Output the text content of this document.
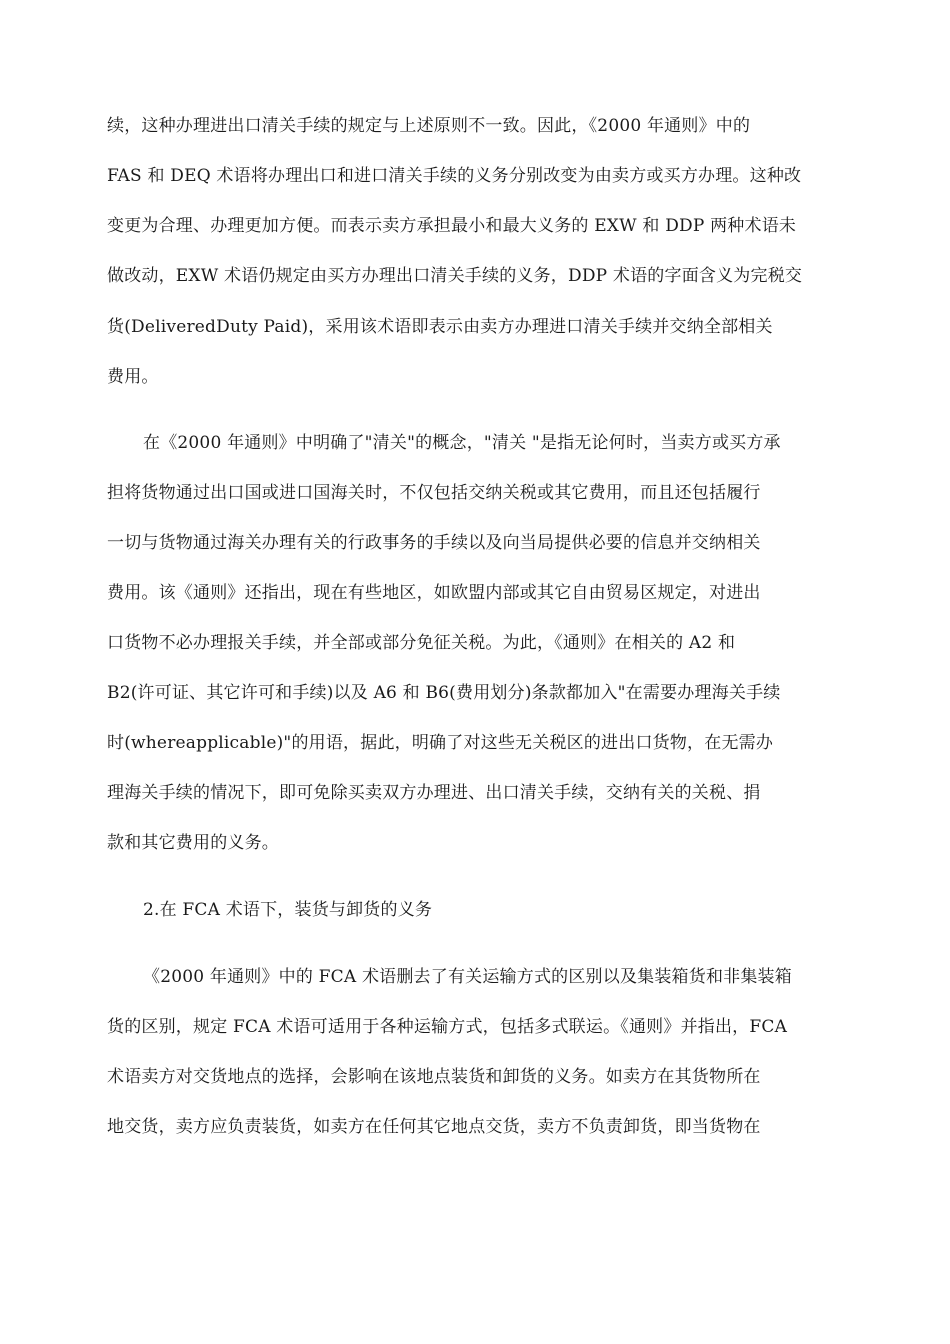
续，这种办理进出口清关手续的规定与上述原则不一致。因此，《2000 年通则》中的
FAS 和 DEQ 术语将办理出口和进口清关手续的义务分别改变为由卖方或买方办理。这种改
变更为合理、办理更加方便。而表示卖方承担最小和最大义务的 EXW 和 DDP 两种术语未
做改动，EXW 术语仍规定由买方办理出口清关手续的义务，DDP 术语的字面含义为完税交
货(DeliveredDuty Paid)，采用该术语即表示由卖方办理进口清关手续并交纳全部相关
费用。
在《2000 年通则》中明确了"清关"的概念，"清关 "是指无论何时，当卖方或买方承
担将货物通过出口国或进口国海关时，不仅包括交纳关税或其它费用，而且还包括履行
一切与货物通过海关办理有关的行政事务的手续以及向当局提供必要的信息并交纳相关
费用。该《通则》还指出，现在有些地区，如欧盟内部或其它自由贸易区规定，对进出
口货物不必办理报关手续，并全部或部分免征关税。为此，《通则》在相关的 A2 和
B2(许可证、其它许可和手续)以及 A6 和 B6(费用划分)条款都加入"在需要办理海关手续
时(whereapplicable)"的用语，据此，明确了对这些无关税区的进出口货物，在无需办
理海关手续的情况下，即可免除买卖双方办理进、出口清关手续，交纳有关的关税、捐
款和其它费用的义务。
2.在 FCA 术语下，装货与卸货的义务
《2000 年通则》中的 FCA 术语删去了有关运输方式的区别以及集装箱货和非集装箱
货的区别，规定 FCA 术语可适用于各种运输方式，包括多式联运。《通则》并指出，FCA
术语卖方对交货地点的选择，会影响在该地点装货和卸货的义务。如卖方在其货物所在
地交货，卖方应负责装货，如卖方在任何其它地点交货，卖方不负责卸货，即当货物在
